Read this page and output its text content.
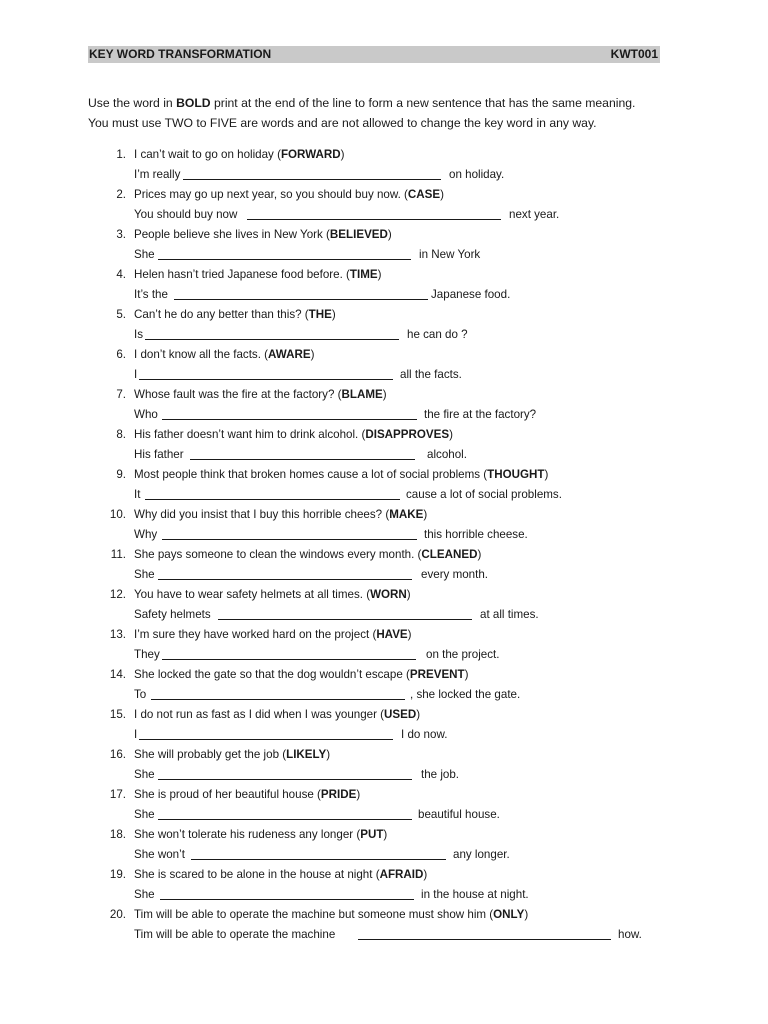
KEY WORD TRANSFORMATION	KWT001
Use the word in BOLD print at the end of the line to form a new sentence that has the same meaning.
You must use TWO to FIVE are words and are not allowed to change the key word in any way.
1. I can’t wait to go on holiday (FORWARD)
I’m really	on holiday.
2. Prices may go up next year, so you should buy now. (CASE)
You should buy now	next year.
3. People believe she lives in New York (BELIEVED)
She	in New York
4. Helen hasn’t tried Japanese food before. (TIME)
It’s the	Japanese food.
5. Can’t he do any better than this? (THE)
Is	he can do ?
6. I don’t know all the facts. (AWARE)
I	all the facts.
7. Whose fault was the fire at the factory? (BLAME)
Who	the fire at the factory?
8. His father doesn’t want him to drink alcohol. (DISAPPROVES)
His father	alcohol.
9. Most people think that broken homes cause a lot of social problems (THOUGHT)
It	cause a lot of social problems.
10. Why did you insist that I buy this horrible chees? (MAKE)
Why	this horrible cheese.
11. She pays someone to clean the windows every month. (CLEANED)
She	every month.
12. You have to wear safety helmets at all times. (WORN)
Safety helmets	at all times.
13. I’m sure they have worked hard on the project (HAVE)
They	on the project.
14. She locked the gate so that the dog wouldn’t escape (PREVENT)
To	, she locked the gate.
15. I do not run as fast as I did when I was younger (USED)
I	I do now.
16. She will probably get the job (LIKELY)
She	the job.
17. She is proud of her beautiful house (PRIDE)
She	beautiful house.
18. She won’t tolerate his rudeness any longer (PUT)
She won’t	any longer.
19. She is scared to be alone in the house at night (AFRAID)
She	in the house at night.
20. Tim will be able to operate the machine but someone must show him (ONLY)
Tim will be able to operate the machine	how.
